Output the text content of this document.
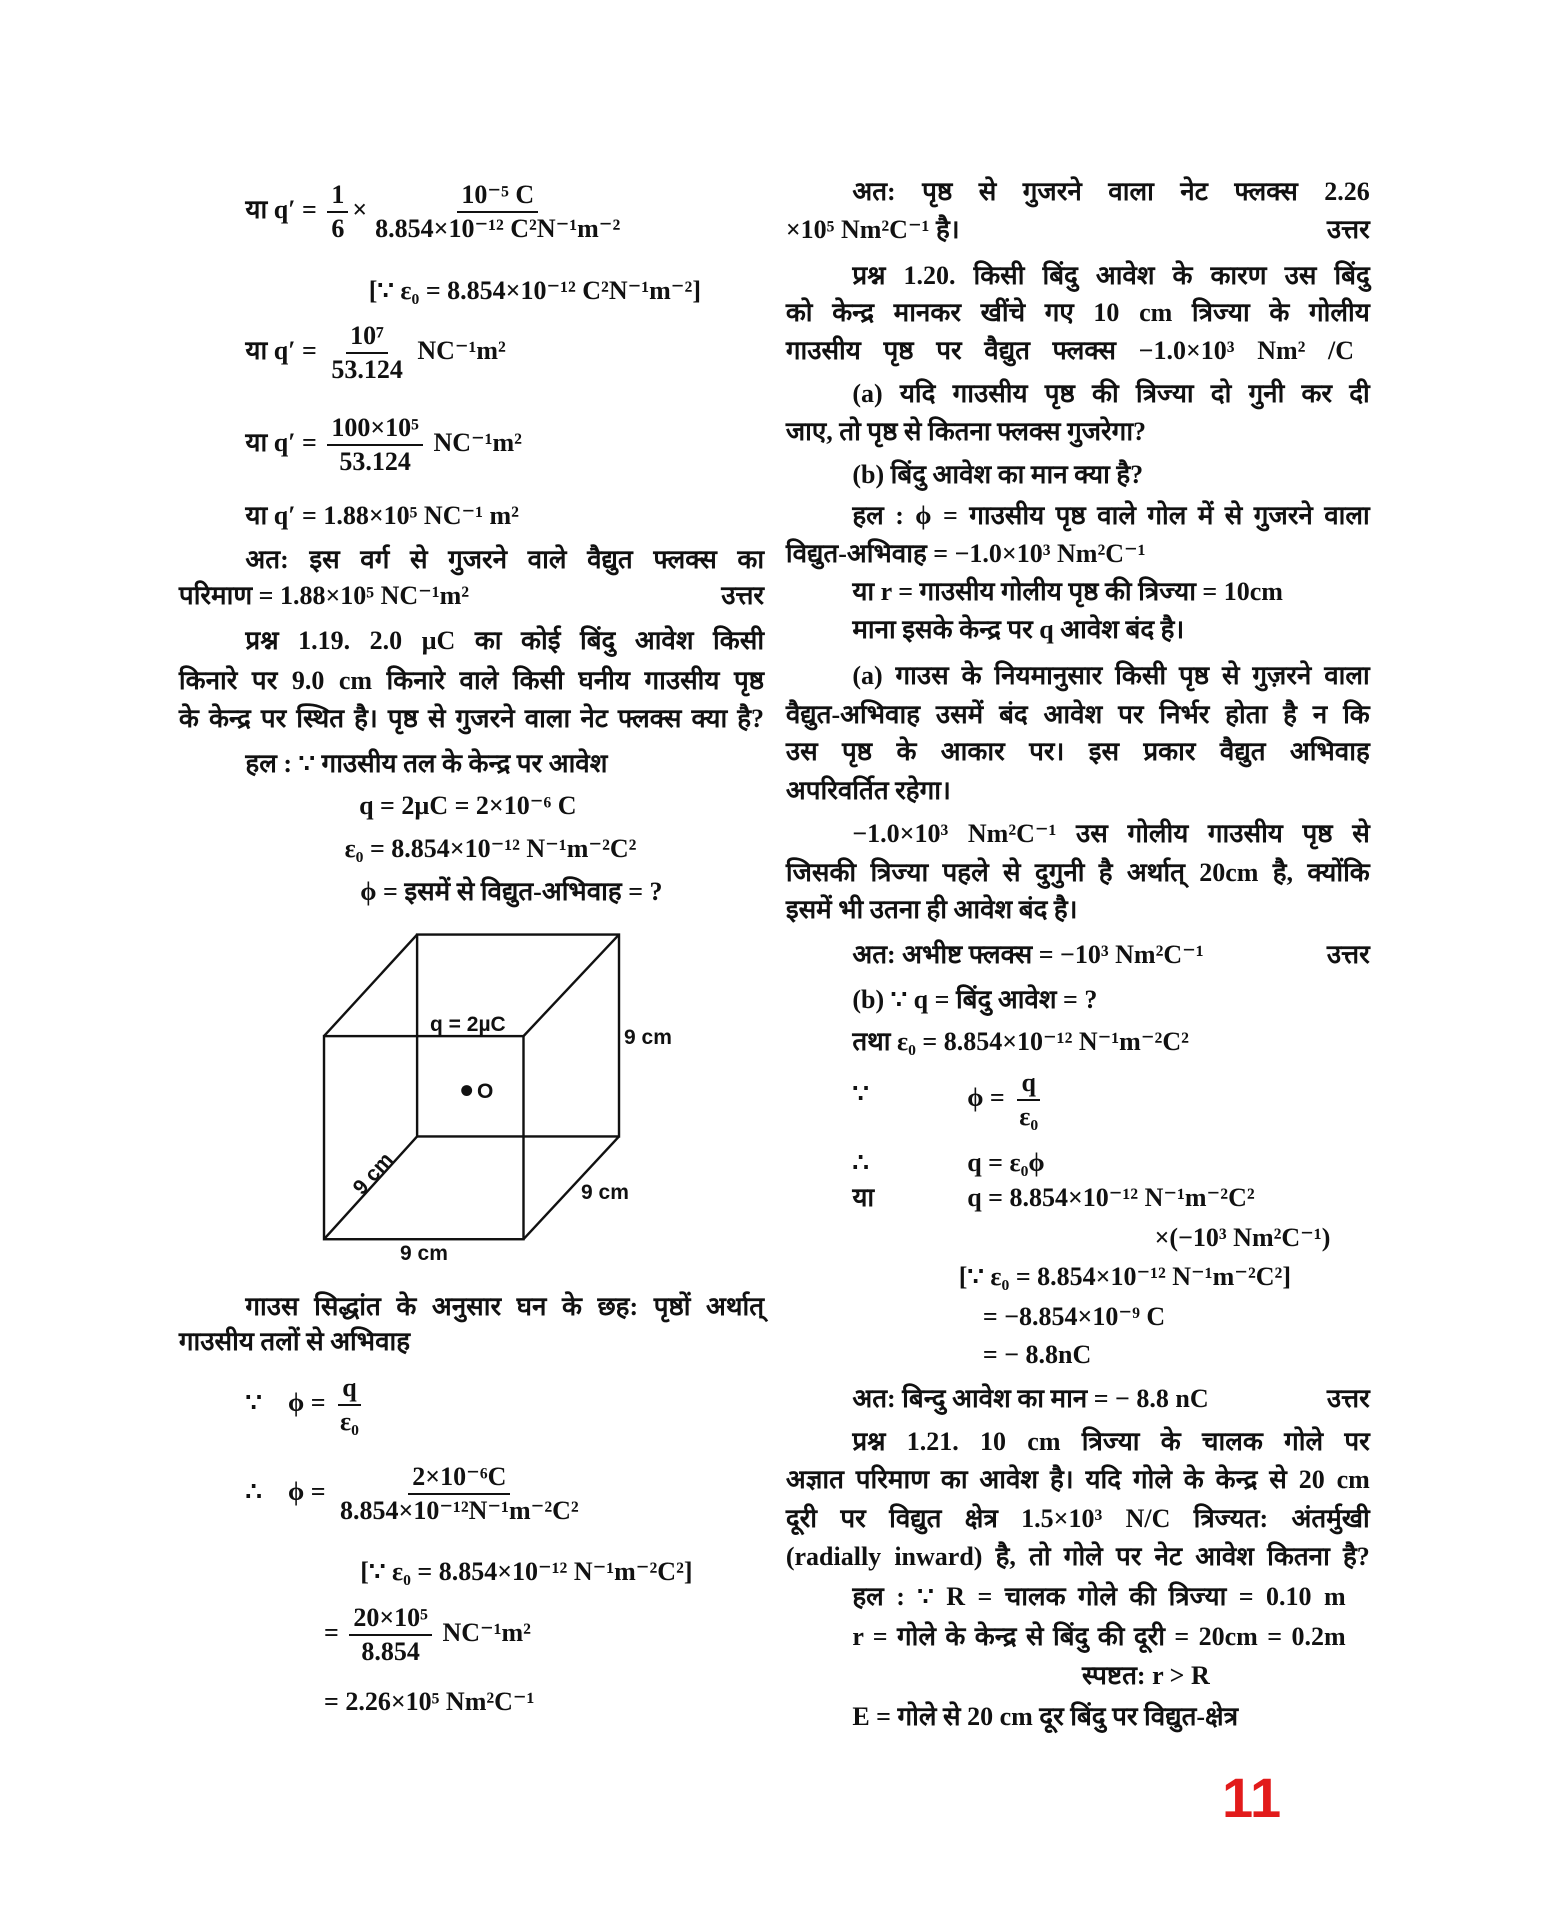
या $q' = \frac{1}{6} \times \frac{\text{10⁻⁵ C}}{\text{8.854×10⁻¹² C²N⁻¹m⁻²}}$
[∵ ε₀ = 8.854×10⁻¹² C²N⁻¹m⁻²]
या $q' = \frac{\text{10⁷}}{53.124} NC^{-1}m^2$
या $q' = \frac{\text{100×10⁵}}{53.124} NC^{-1}m^2$
या q′ = 1.88×10⁵ NC⁻¹ m²
अत: इस वर्ग से गुजरने वाले वैद्युत फ्लक्स का
परिमाण = 1.88×10⁵ NC⁻¹m²	उत्तर
प्रश्न 1.19. 2.0 µC का कोई बिंदु आवेश किसी
किनारे पर 9.0 cm किनारे वाले किसी घनीय गाउसीय पृष्ठ
के केन्द्र पर स्थित है। पृष्ठ से गुजरने वाला नेट फ्लक्स क्या है?
हल : ∵ गाउसीय तल के केन्द्र पर आवेश
q = 2µC = 2×10⁻⁶ C
ε₀ = 8.854×10⁻¹² N⁻¹m⁻²C²
ϕ = इसमें से विद्युत-अभिवाह = ?
गाउस सिद्धांत के अनुसार घन के छह: पृष्ठों अर्थात्
गाउसीय तलों से अभिवाह
∵    $\phi = \frac{q}{\text{ε₀}}$
∴    $\phi = \frac{\text{2×10⁻⁶C}}{\text{8.854×10⁻¹²N⁻¹m⁻²C²}}$
[∵ ε₀ = 8.854×10⁻¹² N⁻¹m⁻²C²]
= $\frac{\text{20×10⁵}}{8.854} NC^{-1}m^2$
= 2.26×10⁵ Nm²C⁻¹
अत: पृष्ठ से गुजरने वाला नेट फ्लक्स 2.26
×10⁵ Nm²C⁻¹ है।	उत्तर
प्रश्न 1.20. किसी बिंदु आवेश के कारण उस बिंदु
को केन्द्र मानकर खींचे गए 10 cm त्रिज्या के गोलीय
गाउसीय पृष्ठ पर वैद्युत फ्लक्स −1.0×10³ Nm² /C
(a) यदि गाउसीय पृष्ठ की त्रिज्या दो गुनी कर दी
जाए, तो पृष्ठ से कितना फ्लक्स गुजरेगा?
(b) बिंदु आवेश का मान क्या है?
हल : ϕ = गाउसीय पृष्ठ वाले गोल में से गुजरने वाला
विद्युत-अभिवाह = −1.0×10³ Nm²C⁻¹
या r = गाउसीय गोलीय पृष्ठ की त्रिज्या = 10cm
माना इसके केन्द्र पर q आवेश बंद है।
(a) गाउस के नियमानुसार किसी पृष्ठ से गुज़रने वाला
वैद्युत-अभिवाह उसमें बंद आवेश पर निर्भर होता है न कि
उस पृष्ठ के आकार पर। इस प्रकार वैद्युत अभिवाह
अपरिवर्तित रहेगा।
−1.0×10³ Nm²C⁻¹ उस गोलीय गाउसीय पृष्ठ से
जिसकी त्रिज्या पहले से दुगुनी है अर्थात् 20cm है, क्योंकि
इसमें भी उतना ही आवेश बंद है।
अत: अभीष्ट फ्लक्स = −10³ Nm²C⁻¹	उत्तर
(b) ∵ q = बिंदु आवेश = ?
तथा ε₀ = 8.854×10⁻¹² N⁻¹m⁻²C²
∵	$\phi = \frac{q}{\text{ε₀}}$
∴	q = ε₀ϕ
या	q = 8.854×10⁻¹² N⁻¹m⁻²C²
×(−10³ Nm²C⁻¹)
[∵ ε₀ = 8.854×10⁻¹² N⁻¹m⁻²C²]
= −8.854×10⁻⁹ C
= − 8.8nC
अत: बिन्दु आवेश का मान = − 8.8 nC	उत्तर
प्रश्न 1.21. 10 cm त्रिज्या के चालक गोले पर
अज्ञात परिमाण का आवेश है। यदि गोले के केन्द्र से 20 cm
दूरी पर विद्युत क्षेत्र 1.5×10³ N/C त्रिज्यत: अंतर्मुखी
(radially inward) है, तो गोले पर नेट आवेश कितना है?
हल : ∵ R = चालक गोले की त्रिज्या = 0.10 m
r = गोले के केन्द्र से बिंदु की दूरी = 20cm = 0.2m
स्पष्टत: r > R
E = गोले से 20 cm दूर बिंदु पर विद्युत-क्षेत्र
q = 2µC
O
9 cm
9 cm	9 cm
9 cm
11
